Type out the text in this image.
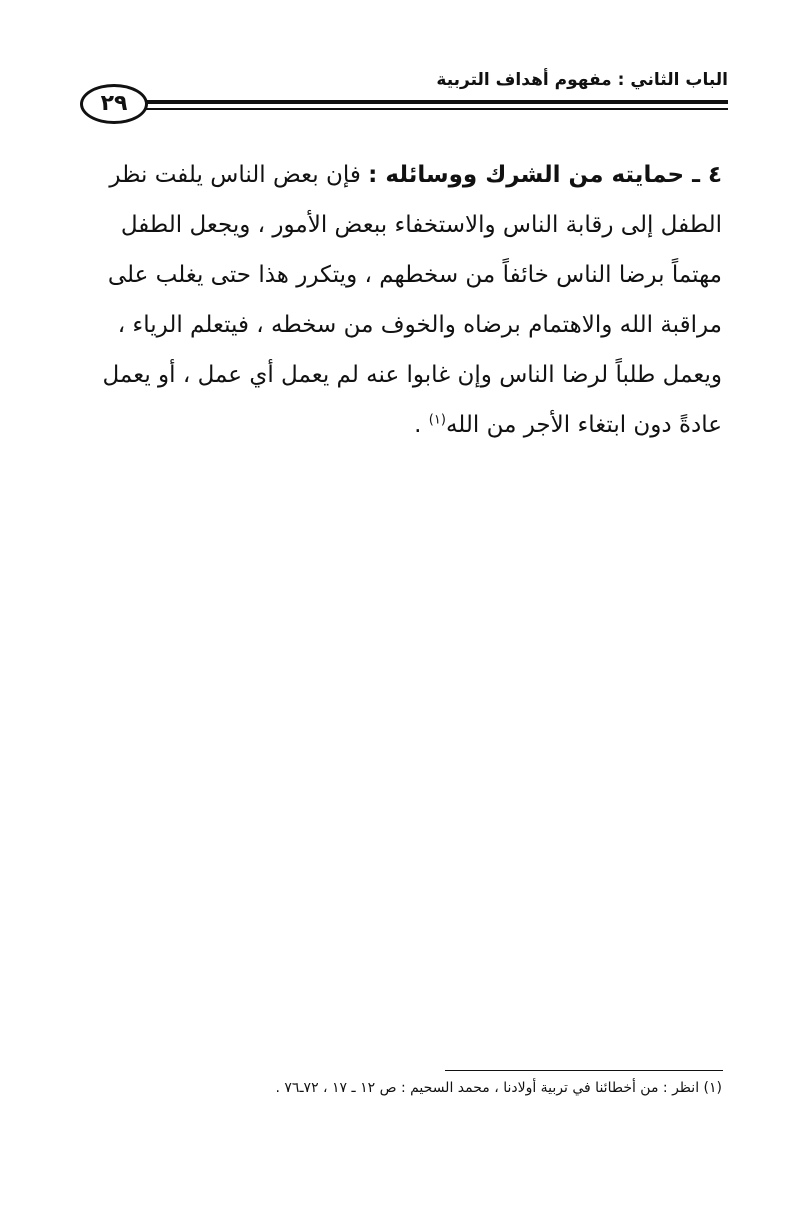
٢٩
الباب الثاني : مفهوم أهداف التربية
٤ ـ حمايته من الشرك ووسائله : فإن بعض الناس يلفت نظر
الطفل إلى رقابة الناس والاستخفاء ببعض الأمور ، ويجعل الطفل
مهتماً برضا الناس خائفاً من سخطهم ، ويتكرر هذا حتى يغلب على
مراقبة الله والاهتمام برضاه والخوف من سخطه ، فيتعلم الرياء ،
ويعمل طلباً لرضا الناس وإن غابوا عنه لم يعمل أي عمل ، أو يعمل
عادةً دون ابتغاء الأجر من الله$^{(١)}$ .
(١) انظر : من أخطائنا في تربية أولادنا ، محمد السحيم : ص ١٢ ـ ١٧ ، ٧٢ـ٧٦ .
